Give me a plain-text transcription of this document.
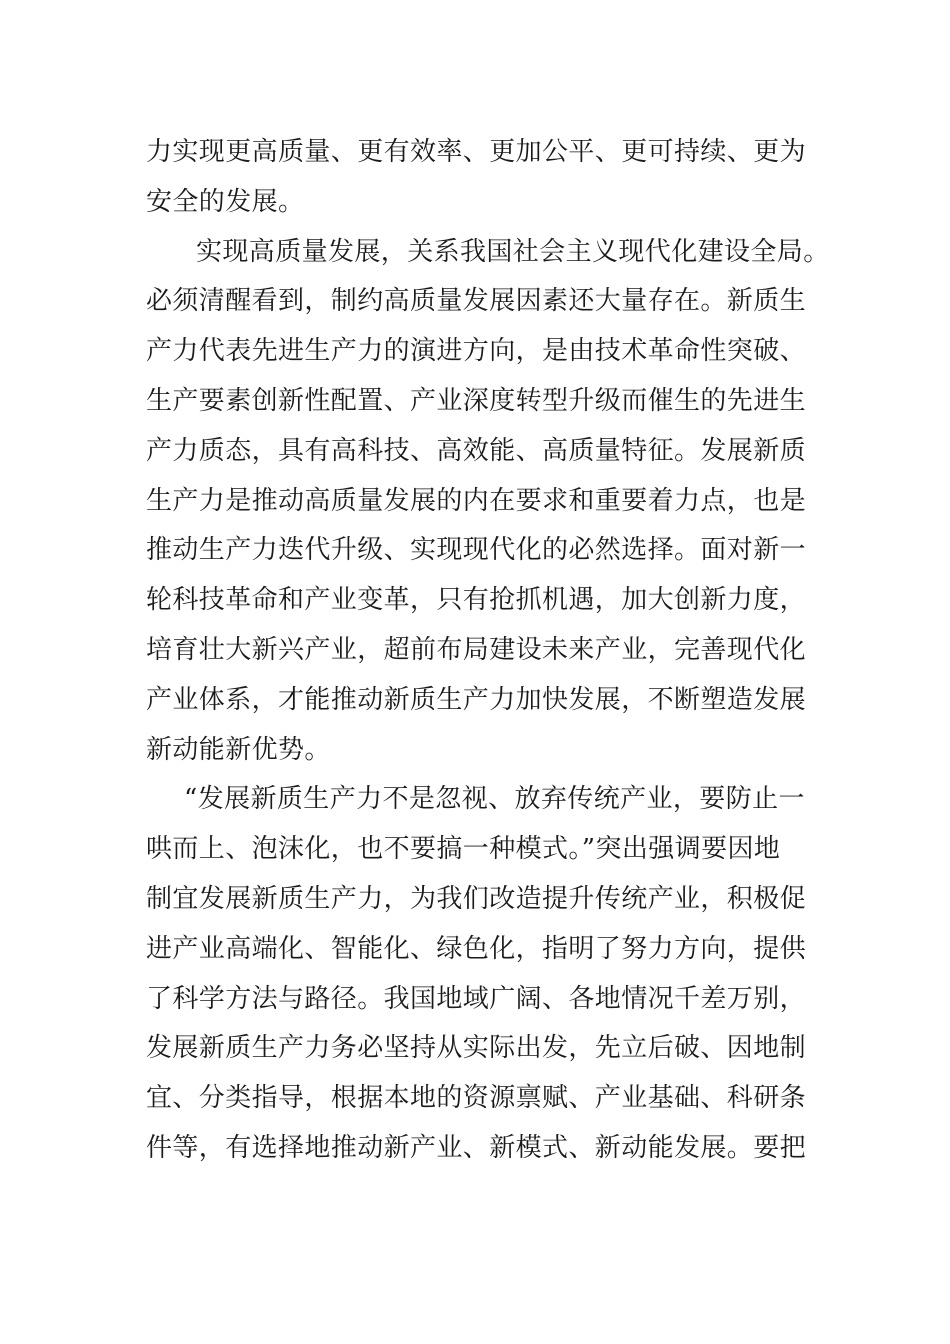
力实现更高质量、更有效率、更加公平、更可持续、更为
安全的发展。
实现高质量发展，关系我国社会主义现代化建设全局。
必须清醒看到，制约高质量发展因素还大量存在。新质生
产力代表先进生产力的演进方向，是由技术革命性突破、
生产要素创新性配置、产业深度转型升级而催生的先进生
产力质态，具有高科技、高效能、高质量特征。发展新质
生产力是推动高质量发展的内在要求和重要着力点，也是
推动生产力迭代升级、实现现代化的必然选择。面对新一
轮科技革命和产业变革，只有抢抓机遇，加大创新力度，
培育壮大新兴产业，超前布局建设未来产业，完善现代化
产业体系，才能推动新质生产力加快发展，不断塑造发展
新动能新优势。
“发展新质生产力不是忽视、放弃传统产业，要防止一
哄而上、泡沫化，也不要搞一种模式。”突出强调要因地
制宜发展新质生产力，为我们改造提升传统产业，积极促
进产业高端化、智能化、绿色化，指明了努力方向，提供
了科学方法与路径。我国地域广阔、各地情况千差万别，
发展新质生产力务必坚持从实际出发，先立后破、因地制
宜、分类指导，根据本地的资源禀赋、产业基础、科研条
件等，有选择地推动新产业、新模式、新动能发展。要把
